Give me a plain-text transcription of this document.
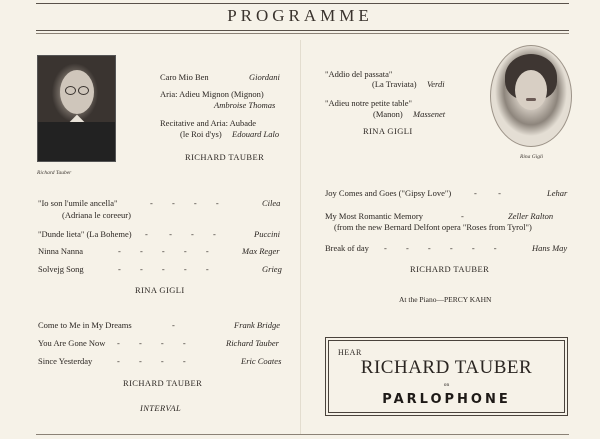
PROGRAMME
Richard Tauber
Caro Mio Ben	Giordani
Aria: Adieu Mignon (Mignon)
Ambroise Thomas
Recitative and Aria: Aubade
(le Roi d'ys) Edouard Lalo
RICHARD TAUBER
"Io son l'umile ancella"	-         -         -         -	Cilea
(Adriana le coreeur)
"Dunde lieta" (La Boheme) -          -         -         -	Puccini
Ninna Nanna	-         -         -         -         -	Max Reger
Solvejg Song	-         -         -         -         -	Grieg
RINA GIGLI
Come to Me in My Dreams	-	Frank Bridge
You Are Gone Now -         -         -         -	Richard Tauber
Since Yesterday	-         -         -         -	Eric Coates
RICHARD TAUBER
INTERVAL
"Addio del passata"
(La Traviata) Verdi
"Adieu notre petite table"
(Manon) Massenet
RINA GIGLI
Rina Gigli
Joy Comes and Goes ("Gipsy Love")	-          -	Lehar
My Most Romantic Memory	-	Zeller Ralton
(from the new Bernard Delfont opera "Roses from Tyrol")
Break of day -         -         -         -         -         -	Hans May
RICHARD TAUBER
At the Piano—PERCY KAHN
HEAR
RICHARD TAUBER
on
PARLOPHONE
